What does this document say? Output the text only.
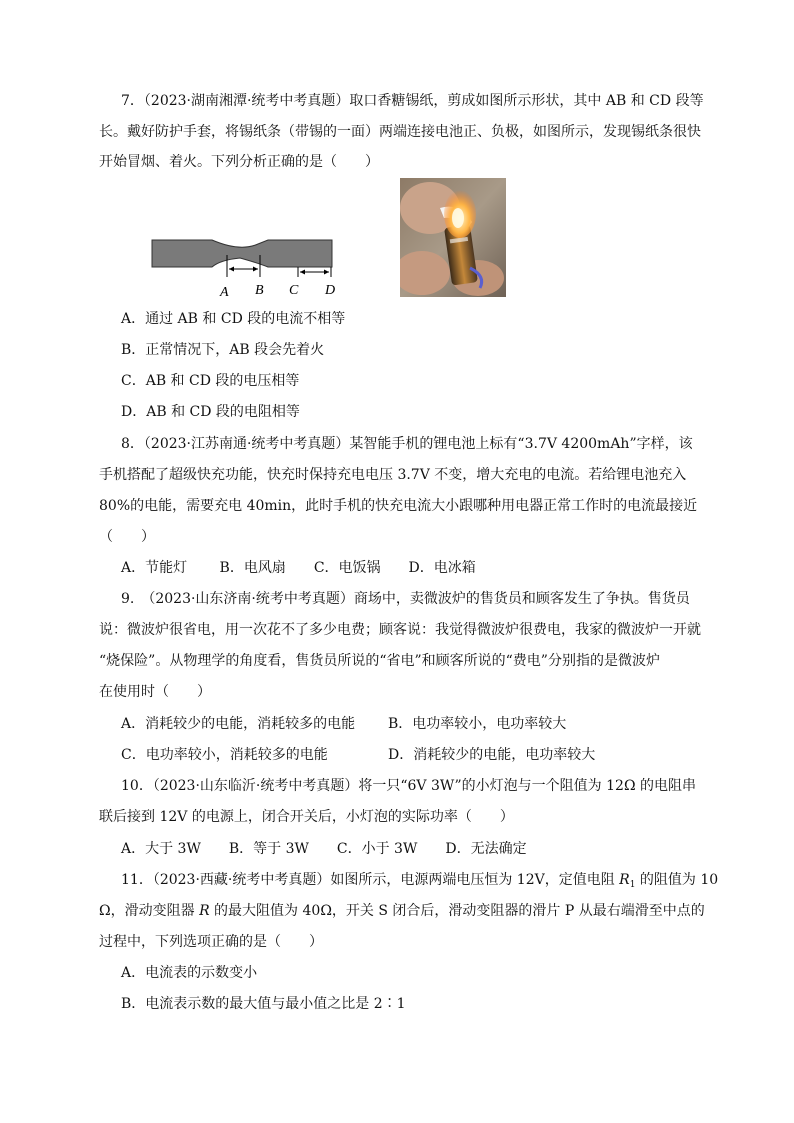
7．（2023·湖南湘潭·统考中考真题）取口香糖锡纸，剪成如图所示形状，其中 AB 和 CD 段等
长。戴好防护手套，将锡纸条（带锡的一面）两端连接电池正、负极，如图所示，发现锡纸条很快
开始冒烟、着火。下列分析正确的是（　　）
A B C D
A．通过 AB 和 CD 段的电流不相等
B．正常情况下，AB 段会先着火
C．AB 和 CD 段的电压相等
D．AB 和 CD 段的电阻相等
8．（2023·江苏南通·统考中考真题）某智能手机的锂电池上标有“3.7V 4200mAh”字样，该
手机搭配了超级快充功能，快充时保持充电电压 3.7V 不变，增大充电的电流。若给锂电池充入
80%的电能，需要充电 40min，此时手机的快充电流大小跟哪种用电器正常工作时的电流最接近
（　　）
A．节能灯　　 B．电风扇　　C．电饭锅　　D．电冰箱
9.　（2023·山东济南·统考中考真题）商场中，卖微波炉的售货员和顾客发生了争执。售货员
说：微波炉很省电，用一次花不了多少电费；顾客说：我觉得微波炉很费电，我家的微波炉一开就
“烧保险”。从物理学的角度看，售货员所说的“省电”和顾客所说的“费电”分别指的是微波炉
在使用时（　　）
A．消耗较少的电能，消耗较多的电能 B．电功率较小，电功率较大
C．电功率较小，消耗较多的电能	D．消耗较少的电能，电功率较大
10．（2023·山东临沂·统考中考真题）将一只“6V 3W”的小灯泡与一个阻值为 12Ω 的电阻串
联后接到 12V 的电源上，闭合开关后，小灯泡的实际功率（　　）
A．大于 3W　　B．等于 3W　　C．小于 3W　　D．无法确定
11．（2023·西藏·统考中考真题）如图所示，电源两端电压恒为 12V，定值电阻 $R_1$ 的阻值为 10
Ω，滑动变阻器 R 的最大阻值为 40Ω，开关 S 闭合后，滑动变阻器的滑片 P 从最右端滑至中点的
过程中，下列选项正确的是（　　）
A．电流表的示数变小
B．电流表示数的最大值与最小值之比是 2∶1
